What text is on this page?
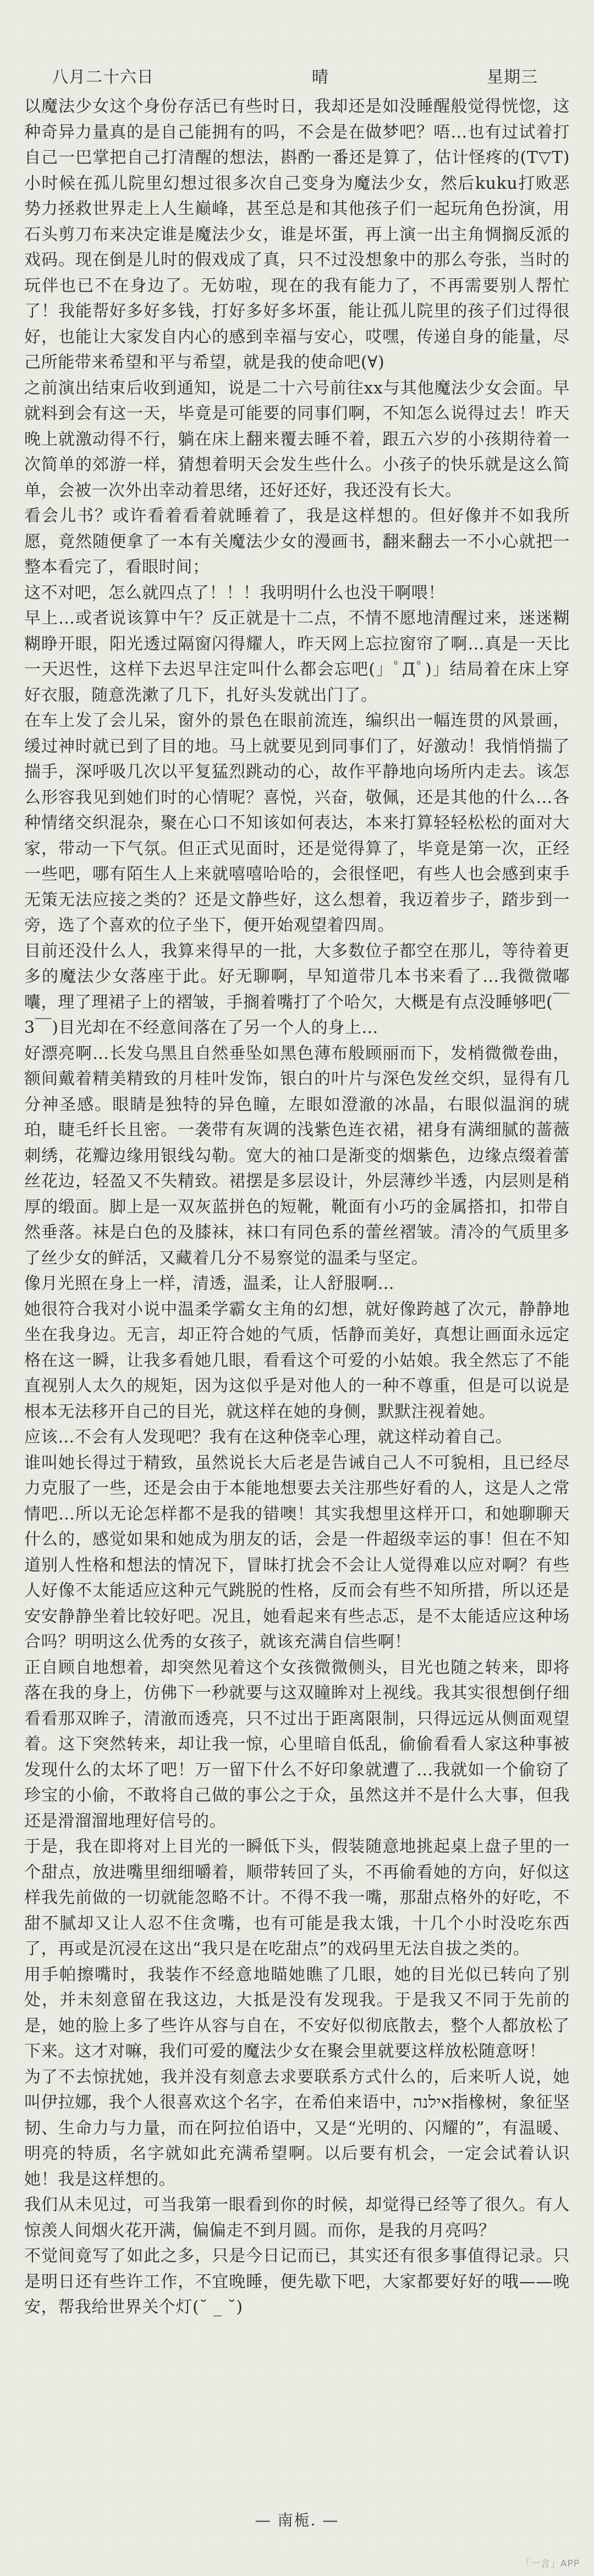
八月二十六日	晴	星期三

以魔法少女这个身份存活已有些时日，我却还是如没睡醒般觉得恍惚，这种奇异力量真的是自己能拥有的吗，不会是在做梦吧？唔…也有过试着打自己一巴掌把自己打清醒的想法，斟酌一番还是算了，估计怪疼的(T▽T)小时候在孤儿院里幻想过很多次自己变身为魔法少女，然后kuku打败恶势力拯救世界走上人生巅峰，甚至总是和其他孩子们一起玩角色扮演，用石头剪刀布来决定谁是魔法少女，谁是坏蛋，再上演一出主角惆搁反派的戏码。现在倒是儿时的假戏成了真，只不过没想象中的那么夸张，当时的玩伴也已不在身边了。无妨啦，现在的我有能力了，不再需要别人帮忙了！我能帮好多好多钱，打好多好多坏蛋，能让孤儿院里的孩子们过得很好，也能让大家发自内心的感到幸福与安心，哎嘿，传递自身的能量，尽己所能带来希望和平与希望，就是我的使命吧(∀)

之前演出结束后收到通知，说是二十六号前往xx与其他魔法少女会面。早就料到会有这一天，毕竟是可能要的同事们啊，不知怎么说得过去！昨天晚上就激动得不行，躺在床上翻来覆去睡不着，跟五六岁的小孩期待着一次简单的郊游一样，猜想着明天会发生些什么。小孩子的快乐就是这么简单，会被一次外出幸动着思绪，还好还好，我还没有长大。

看会儿书？或许看着看着就睡着了，我是这样想的。但好像并不如我所愿，竟然随便拿了一本有关魔法少女的漫画书，翻来翻去一不小心就把一整本看完了，看眼时间；

这不对吧，怎么就四点了！！！我明明什么也没干啊喂！

早上…或者说该算中午？反正就是十二点，不情不愿地清醒过来，迷迷糊糊睁开眼，阳光透过隔窗闪得耀人，昨天网上忘拉窗帘了啊…真是一天比一天迟性，这样下去迟早注定叫什么都会忘吧(」ﾟДﾟ)」结局着在床上穿好衣服，随意洗漱了几下，扎好头发就出门了。

在车上发了会儿呆，窗外的景色在眼前流连，编织出一幅连贯的风景画，缓过神时就已到了目的地。马上就要见到同事们了，好激动！我悄悄揣了揣手，深呼吸几次以平复猛烈跳动的心，故作平静地向场所内走去。该怎么形容我见到她们时的心情呢？喜悦，兴奋，敬佩，还是其他的什么…各种情绪交织混杂，聚在心口不知该如何表达，本来打算轻轻松松的面对大家，带动一下气氛。但正式见面时，还是觉得算了，毕竟是第一次，正经一些吧，哪有陌生人上来就嘻嘻哈哈的，会很怪吧，有些人也会感到束手无策无法应接之类的？还是文静些好，这么想着，我迈着步子，踏步到一旁，选了个喜欢的位子坐下，便开始观望着四周。

目前还没什么人，我算来得早的一批，大多数位子都空在那儿，等待着更多的魔法少女落座于此。好无聊啊，早知道带几本书来看了…我微微嘟囔，理了理裙子上的褶皱，手搁着嘴打了个哈欠，大概是有点没睡够吧(￣3￣)目光却在不经意间落在了另一个人的身上…

好漂亮啊…长发乌黑且自然垂坠如黑色薄布般顾丽而下，发梢微微卷曲，额间戴着精美精致的月桂叶发饰，银白的叶片与深色发丝交织，显得有几分神圣感。眼睛是独特的异色瞳，左眼如澄澈的冰晶，右眼似温润的琥珀，睫毛纤长且密。一袭带有灰调的浅紫色连衣裙，裙身有满细腻的蔷薇刺绣，花瓣边缘用银线勾勒。宽大的袖口是渐变的烟紫色，边缘点缀着蕾丝花边，轻盈又不失精致。裙摆是多层设计，外层薄纱半透，内层则是稍厚的缎面。脚上是一双灰蓝拼色的短靴，靴面有小巧的金属搭扣，扣带自然垂落。袜是白色的及膝袜，袜口有同色系的蕾丝褶皱。清冷的气质里多了丝少女的鲜活，又藏着几分不易察觉的温柔与坚定。

像月光照在身上一样，清透，温柔，让人舒服啊…

她很符合我对小说中温柔学霸女主角的幻想，就好像跨越了次元，静静地坐在我身边。无言，却正符合她的气质，恬静而美好，真想让画面永远定格在这一瞬，让我多看她几眼，看看这个可爱的小姑娘。我全然忘了不能直视别人太久的规矩，因为这似乎是对他人的一种不尊重，但是可以说是根本无法移开自己的目光，就这样在她的身侧，默默注视着她。

应该…不会有人发现吧？我有在这种侥幸心理，就这样动着自己。

谁叫她长得过于精致，虽然说长大后老是告诫自己人不可貌相，且已经尽力克服了一些，还是会由于本能地想要去关注那些好看的人，这是人之常情吧…所以无论怎样都不是我的错噢！其实我想里这样开口，和她聊聊天什么的，感觉如果和她成为朋友的话，会是一件超级幸运的事！但在不知道别人性格和想法的情况下，冒昧打扰会不会让人觉得难以应对啊？有些人好像不太能适应这种元气跳脱的性格，反而会有些不知所措，所以还是安安静静坐着比较好吧。况且，她看起来有些忐忑，是不太能适应这种场合吗？明明这么优秀的女孩子，就该充满自信些啊！

正自顾自地想着，却突然见着这个女孩微微侧头，目光也随之转来，即将落在我的身上，仿佛下一秒就要与这双瞳眸对上视线。我其实很想倒仔细看看那双眸子，清澈而透亮，只不过出于距离限制，只得远远从侧面观望着。这下突然转来，却让我一惊，心里暗自低乱，偷偷看看人家这种事被发现什么的太坏了吧！万一留下什么不好印象就遭了…我就如一个偷窃了珍宝的小偷，不敢将自己做的事公之于众，虽然这并不是什么大事，但我还是滑溜溜地理好信号的。

于是，我在即将对上目光的一瞬低下头，假装随意地挑起桌上盘子里的一个甜点，放进嘴里细细嚼着，顺带转回了头，不再偷看她的方向，好似这样我先前做的一切就能忽略不计。不得不我一嘴，那甜点格外的好吃，不甜不腻却又让人忍不住贪嘴，也有可能是我太饿，十几个小时没吃东西了，再或是沉浸在这出“我只是在吃甜点”的戏码里无法自拔之类的。

用手帕擦嘴时，我装作不经意地瞄她瞧了几眼，她的目光似已转向了别处，并未刻意留在我这边，大抵是没有发现我。于是我又不同于先前的是，她的脸上多了些许从容与自在，不安好似彻底散去，整个人都放松了下来。这才对嘛，我们可爱的魔法少女在聚会里就要这样放松随意呀！

为了不去惊扰她，我并没有刻意去求要联系方式什么的，后来听人说，她叫伊拉娜，我个人很喜欢这个名字，在希伯来语中，אילנה指橡树，象征坚韧、生命力与力量，而在阿拉伯语中，又是“光明的、闪耀的”，有温暖、明亮的特质，名字就如此充满希望啊。以后要有机会，一定会试着认识她！我是这样想的。

我们从未见过，可当我第一眼看到你的时候，却觉得已经等了很久。有人惊羡人间烟火花开满，偏偏走不到月圆。而你，是我的月亮吗？

不觉间竟写了如此之多，只是今日记而已，其实还有很多事值得记录。只是明日还有些许工作，不宜晚睡，便先歇下吧，大家都要好好的哦——晚安，帮我给世界关个灯(˘ _ ˘)

— 南栀. —
「一言」APP
